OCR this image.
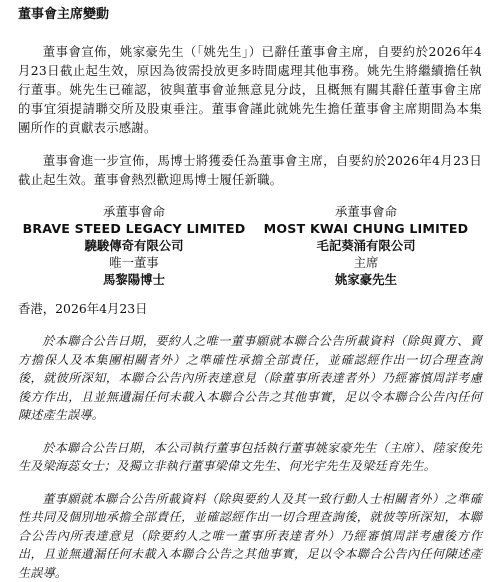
董事會主席變動

董事會宣佈，姚家豪先生（「姚先生」）已辭任董事會主席，自要約於2026年4月23日截止起生效，原因為彼需投放更多時間處理其他事務。姚先生將繼續擔任執行董事。姚先生已確認，彼與董事會並無意見分歧，且概無有關其辭任董事會主席的事宜須提請聯交所及股東垂注。董事會謹此就姚先生擔任董事會主席期間為本集團所作的貢獻表示感謝。

董事會進一步宣佈，馬博士將獲委任為董事會主席，自要約於2026年4月23日截止起生效。董事會熱烈歡迎馬博士履任新職。

承董事會命
BRAVE STEED LEGACY LIMITED
驍駿傳奇有限公司
唯一董事
馬黎陽博士
承董事會命
MOST KWAI CHUNG LIMITED
毛記葵涌有限公司
主席
姚家豪先生
香港，2026年4月23日

於本聯合公告日期，要約人之唯一董事願就本聯合公告所載資料（除與賣方、賣方擔保人及本集團相關者外）之準確性承擔全部責任，並確認經作出一切合理查詢後，就彼所深知，本聯合公告內所表達意見（除董事所表達者外）乃經審慎周詳考慮後方作出，且並無遺漏任何未載入本聯合公告之其他事實，足以令本聯合公告內任何陳述產生誤導。

於本聯合公告日期，本公司執行董事包括執行董事姚家豪先生（主席）、陸家俊先生及梁海蕊女士；及獨立非執行董事梁偉文先生、何光宇先生及梁廷育先生。

董事願就本聯合公告所載資料（除與要約人及其一致行動人士相關者外）之準確性共同及個別地承擔全部責任，並確認經作出一切合理查詢後，就彼等所深知，本聯合公告內所表達意見（除要約人之唯一董事所表達者外）乃經審慎周詳考慮後方作出，且並無遺漏任何未載入本聯合公告之其他事實，足以令本聯合公告內任何陳述產生誤導。
